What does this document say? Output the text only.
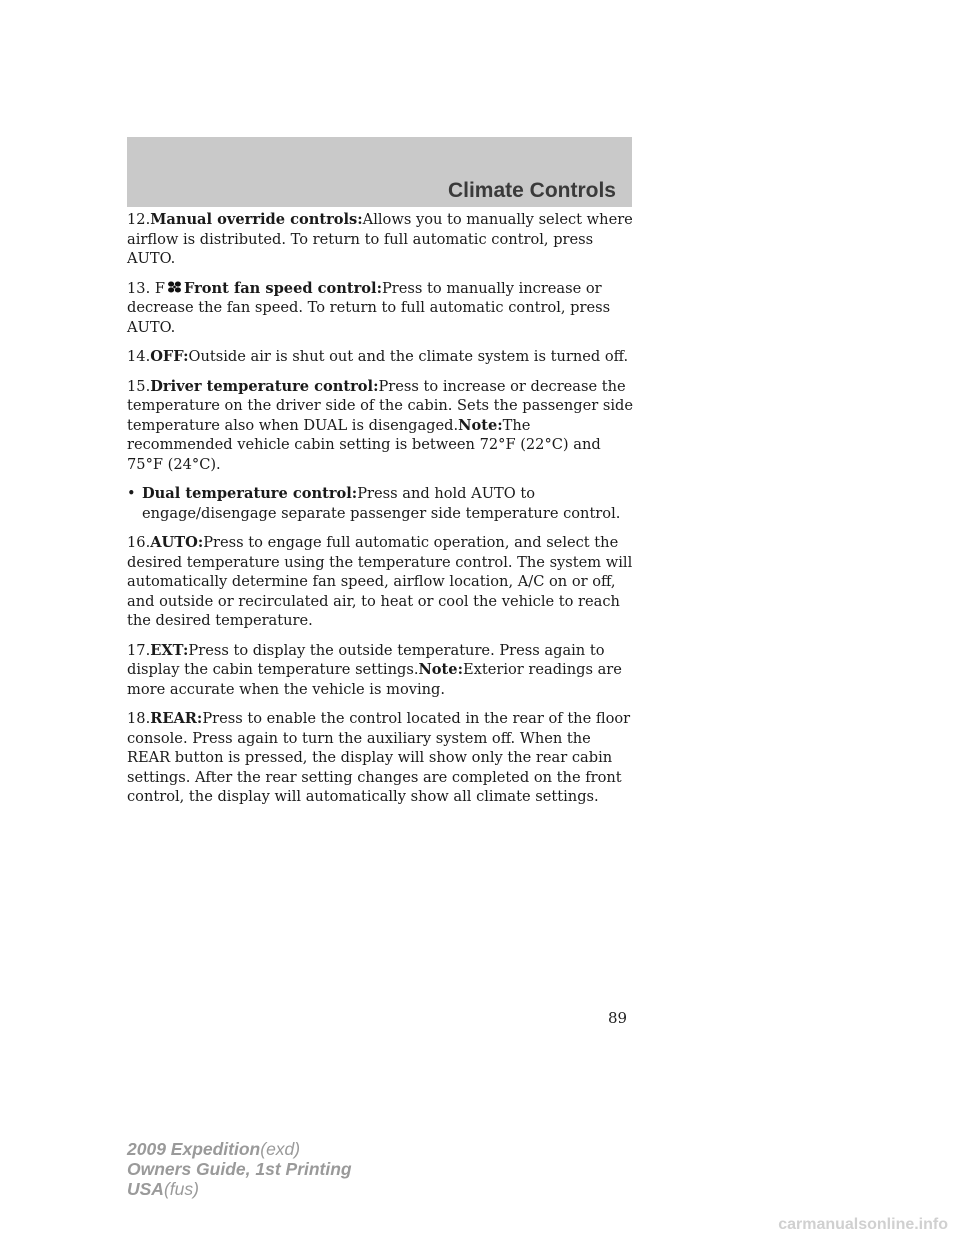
Climate Controls

12.Manual override controls:Allows you to manually select where airflow is distributed. To return to full automatic control, press AUTO.

13. F Front fan speed control:Press to manually increase or decrease the fan speed. To return to full automatic control, press AUTO.

14.OFF:Outside air is shut out and the climate system is turned off.

15.Driver temperature control:Press to increase or decrease the temperature on the driver side of the cabin. Sets the passenger side temperature also when DUAL is disengaged.Note:The recommended vehicle cabin setting is between 72°F (22°C) and 75°F (24°C).

• Dual temperature control:Press and hold AUTO to engage/disengage separate passenger side temperature control.

16.AUTO:Press to engage full automatic operation, and select the desired temperature using the temperature control. The system will automatically determine fan speed, airflow location, A/C on or off, and outside or recirculated air, to heat or cool the vehicle to reach the desired temperature.

17.EXT:Press to display the outside temperature. Press again to display the cabin temperature settings.Note:Exterior readings are more accurate when the vehicle is moving.

18.REAR:Press to enable the control located in the rear of the floor console. Press again to turn the auxiliary system off. When the REAR button is pressed, the display will show only the rear cabin settings. After the rear setting changes are completed on the front control, the display will automatically show all climate settings.

89
2009 Expedition(exd)
Owners Guide, 1st Printing
USA(fus)
carmanualsonline.info
